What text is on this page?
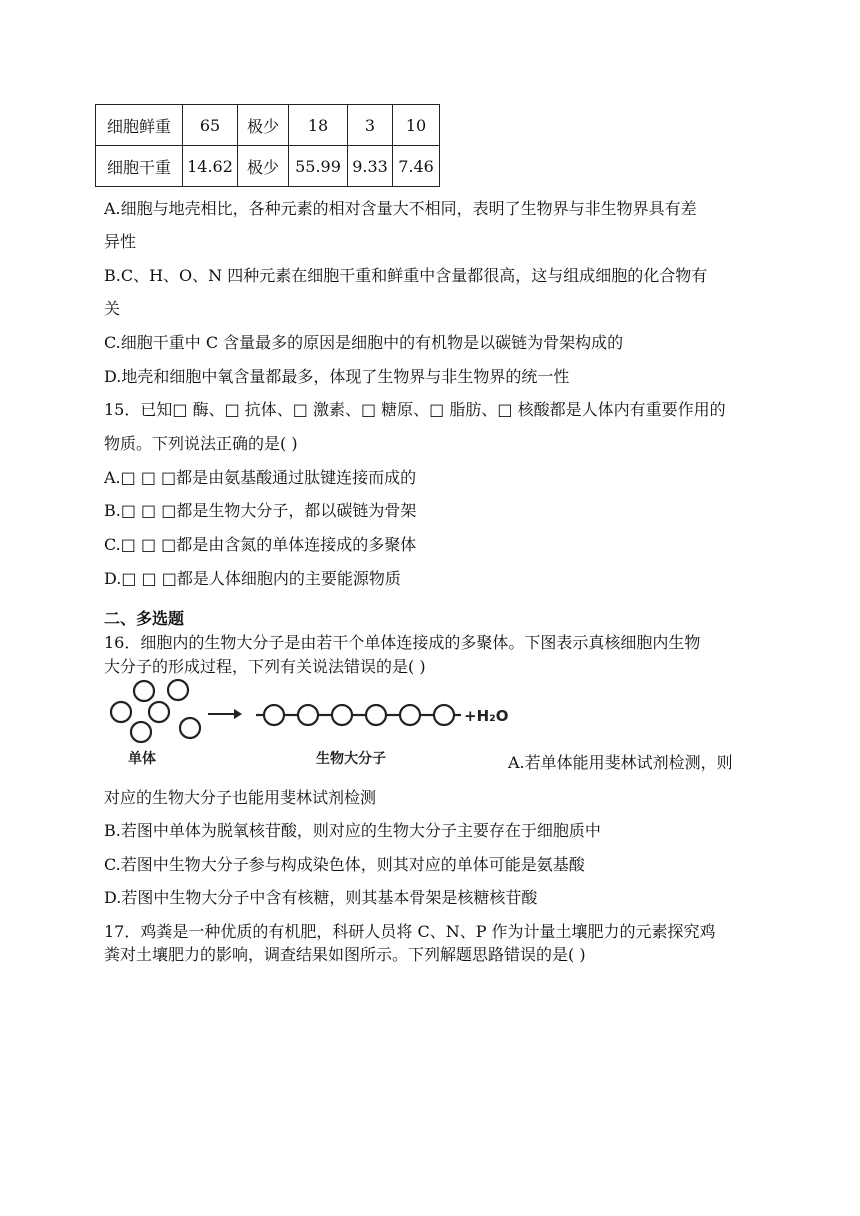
细胞鲜重	65	极少	18	3	10
细胞干重	14.62	极少	55.99	9.33	7.46
A.细胞与地壳相比，各种元素的相对含量大不相同，表明了生物界与非生物界具有差
异性
B.C、H、O、N 四种元素在细胞干重和鲜重中含量都很高，这与组成细胞的化合物有
关
C.细胞干重中 C 含量最多的原因是细胞中的有机物是以碳链为骨架构成的
D.地壳和细胞中氧含量都最多，体现了生物界与非生物界的统一性
15．已知□ 酶、□ 抗体、□ 激素、□ 糖原、□ 脂肪、□ 核酸都是人体内有重要作用的
物质。下列说法正确的是( )
A.□ □ □都是由氨基酸通过肽键连接而成的
B.□ □ □都是生物大分子，都以碳链为骨架
C.□ □ □都是由含氮的单体连接成的多聚体
D.□ □ □都是人体细胞内的主要能源物质
二、多选题
16．细胞内的生物大分子是由若干个单体连接成的多聚体。下图表示真核细胞内生物
大分子的形成过程，下列有关说法错误的是( )
+H₂O
单体	生物大分子	A.若单体能用斐林试剂检测，则
对应的生物大分子也能用斐林试剂检测
B.若图中单体为脱氧核苷酸，则对应的生物大分子主要存在于细胞质中
C.若图中生物大分子参与构成染色体，则其对应的单体可能是氨基酸
D.若图中生物大分子中含有核糖，则其基本骨架是核糖核苷酸
17．鸡粪是一种优质的有机肥，科研人员将 C、N、P 作为计量土壤肥力的元素探究鸡
粪对土壤肥力的影响，调查结果如图所示。下列解题思路错误的是( )
